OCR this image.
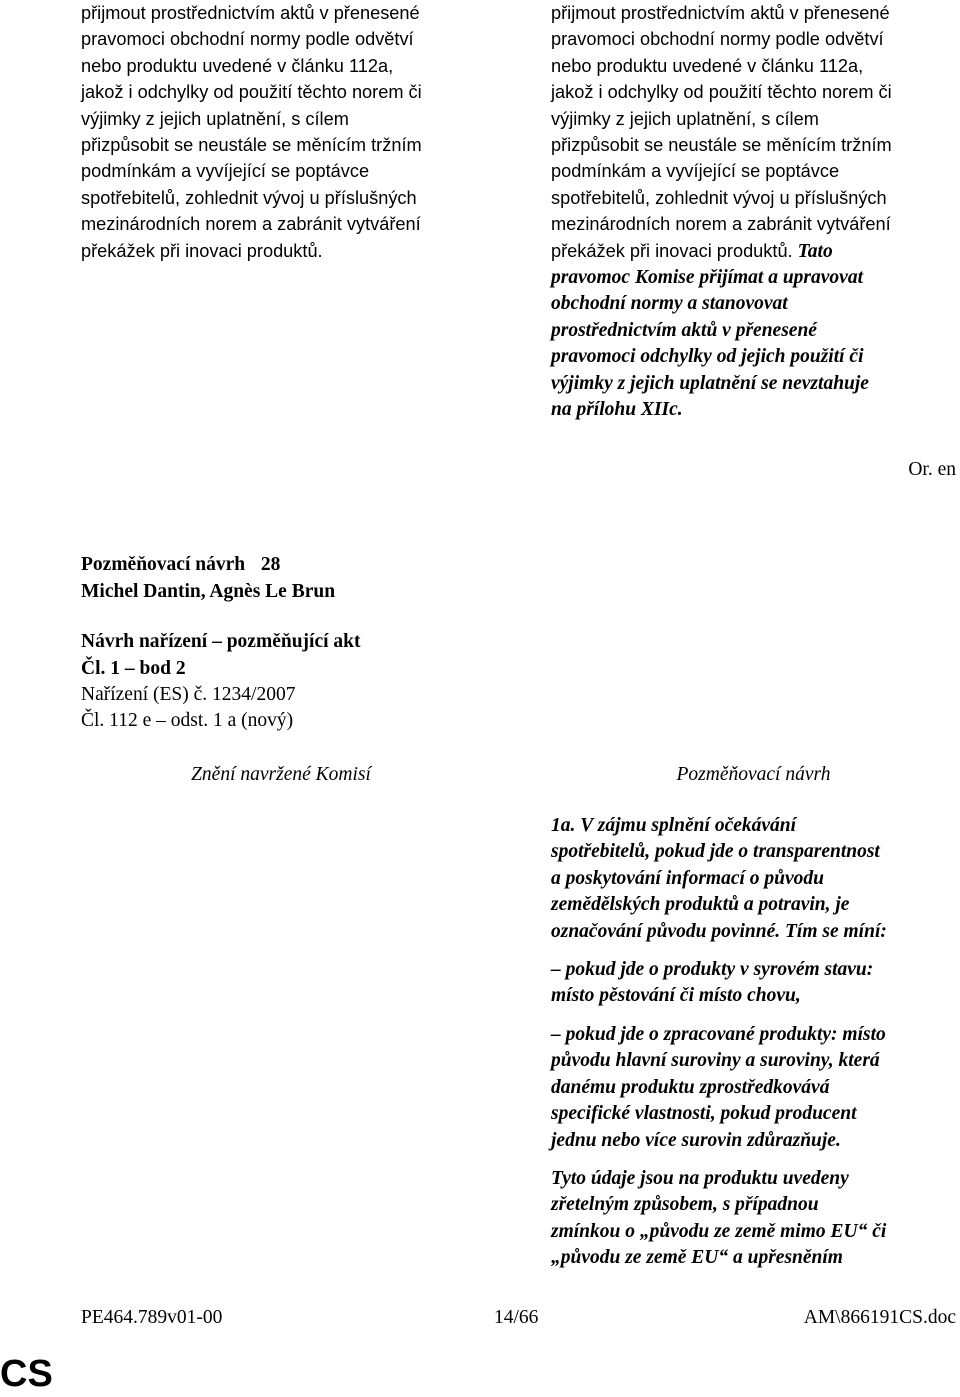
přijmout prostřednictvím aktů v přenesené
pravomoci obchodní normy podle odvětví
nebo produktu uvedené v článku 112a,
jakož i odchylky od použití těchto norem či
výjimky z jejich uplatnění, s cílem
přizpůsobit se neustále se měnícím tržním
podmínkám a vyvíjející se poptávce
spotřebitelů, zohlednit vývoj u příslušných
mezinárodních norem a zabránit vytváření
překážek při inovaci produktů.
přijmout prostřednictvím aktů v přenesené
pravomoci obchodní normy podle odvětví
nebo produktu uvedené v článku 112a,
jakož i odchylky od použití těchto norem či
výjimky z jejich uplatnění, s cílem
přizpůsobit se neustále se měnícím tržním
podmínkám a vyvíjející se poptávce
spotřebitelů, zohlednit vývoj u příslušných
mezinárodních norem a zabránit vytváření
překážek při inovaci produktů. Tato
pravomoc Komise přijímat a upravovat
obchodní normy a stanovovat
prostřednictvím aktů v přenesené
pravomoci odchylky od jejich použití či
výjimky z jejich uplatnění se nevztahuje
na přílohu XIIc.
Or. en
Pozměňovací návrh 28
Michel Dantin, Agnès Le Brun
Návrh nařízení – pozměňující akt
Čl. 1 – bod 2
Nařízení (ES) č. 1234/2007
Čl. 112 e – odst. 1 a (nový)
Znění navržené Komisí	Pozměňovací návrh
1a. V zájmu splnění očekávání
spotřebitelů, pokud jde o transparentnost
a poskytování informací o původu
zemědělských produktů a potravin, je
označování původu povinné. Tím se míní:
– pokud jde o produkty v syrovém stavu:
místo pěstování či místo chovu,
– pokud jde o zpracované produkty: místo
původu hlavní suroviny a suroviny, která
danému produktu zprostředkovává
specifické vlastnosti, pokud producent
jednu nebo více surovin zdůrazňuje.
Tyto údaje jsou na produktu uvedeny
zřetelným způsobem, s případnou
zmínkou o „původu ze země mimo EU“ či
„původu ze země EU“ a upřesněním
PE464.789v01-00	14/66	AM\866191CS.doc
CS
